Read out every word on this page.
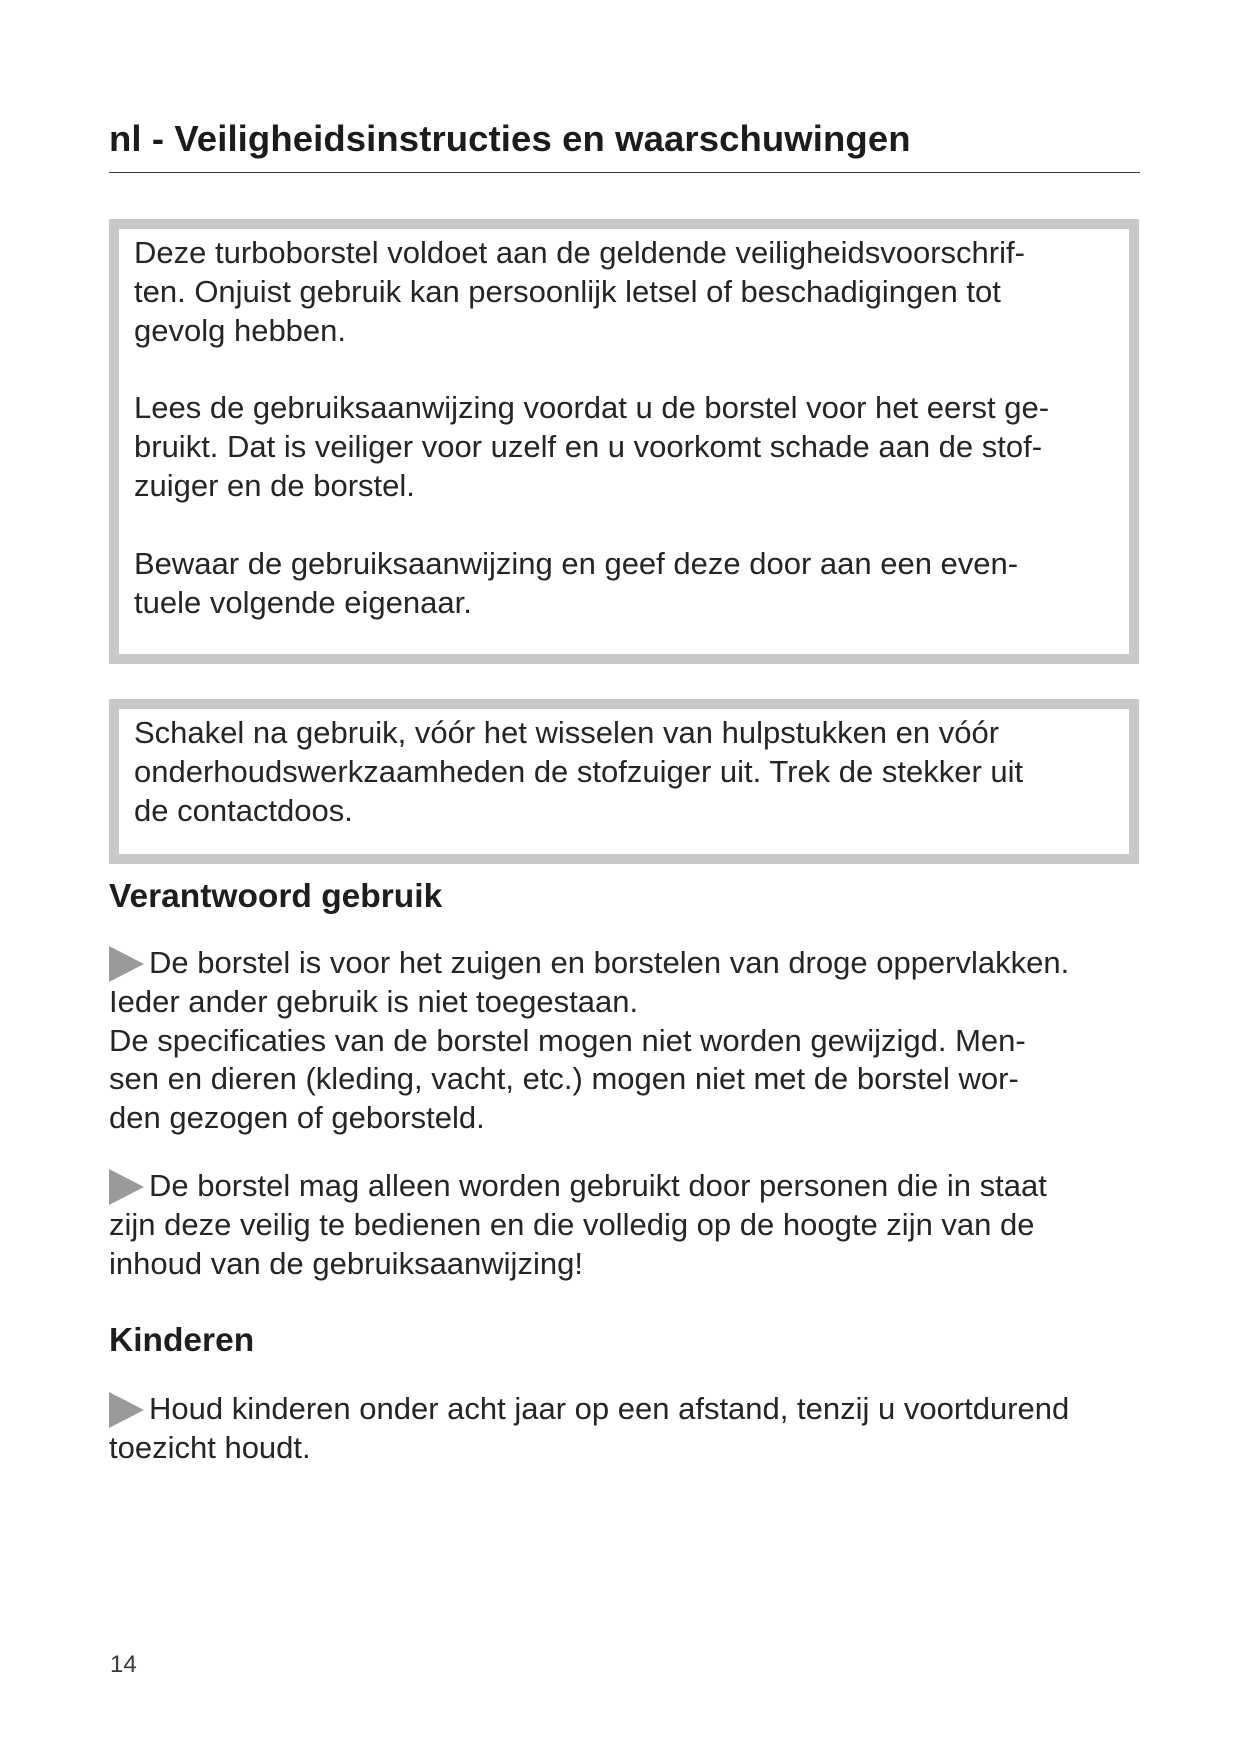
nl - Veiligheidsinstructies en waarschuwingen

Deze turboborstel voldoet aan de geldende veiligheidsvoorschrif-
ten. Onjuist gebruik kan persoonlijk letsel of beschadigingen tot
gevolg hebben.

Lees de gebruiksaanwijzing voordat u de borstel voor het eerst ge-
bruikt. Dat is veiliger voor uzelf en u voorkomt schade aan de stof-
zuiger en de borstel.

Bewaar de gebruiksaanwijzing en geef deze door aan een even-
tuele volgende eigenaar.

Schakel na gebruik, vóór het wisselen van hulpstukken en vóór
onderhoudswerkzaamheden de stofzuiger uit. Trek de stekker uit
de contactdoos.

Verantwoord gebruik

De borstel is voor het zuigen en borstelen van droge oppervlakken.
Ieder ander gebruik is niet toegestaan.
De specificaties van de borstel mogen niet worden gewijzigd. Men-
sen en dieren (kleding, vacht, etc.) mogen niet met de borstel wor-
den gezogen of geborsteld.

De borstel mag alleen worden gebruikt door personen die in staat
zijn deze veilig te bedienen en die volledig op de hoogte zijn van de
inhoud van de gebruiksaanwijzing!

Kinderen

Houd kinderen onder acht jaar op een afstand, tenzij u voortdurend
toezicht houdt.

14
